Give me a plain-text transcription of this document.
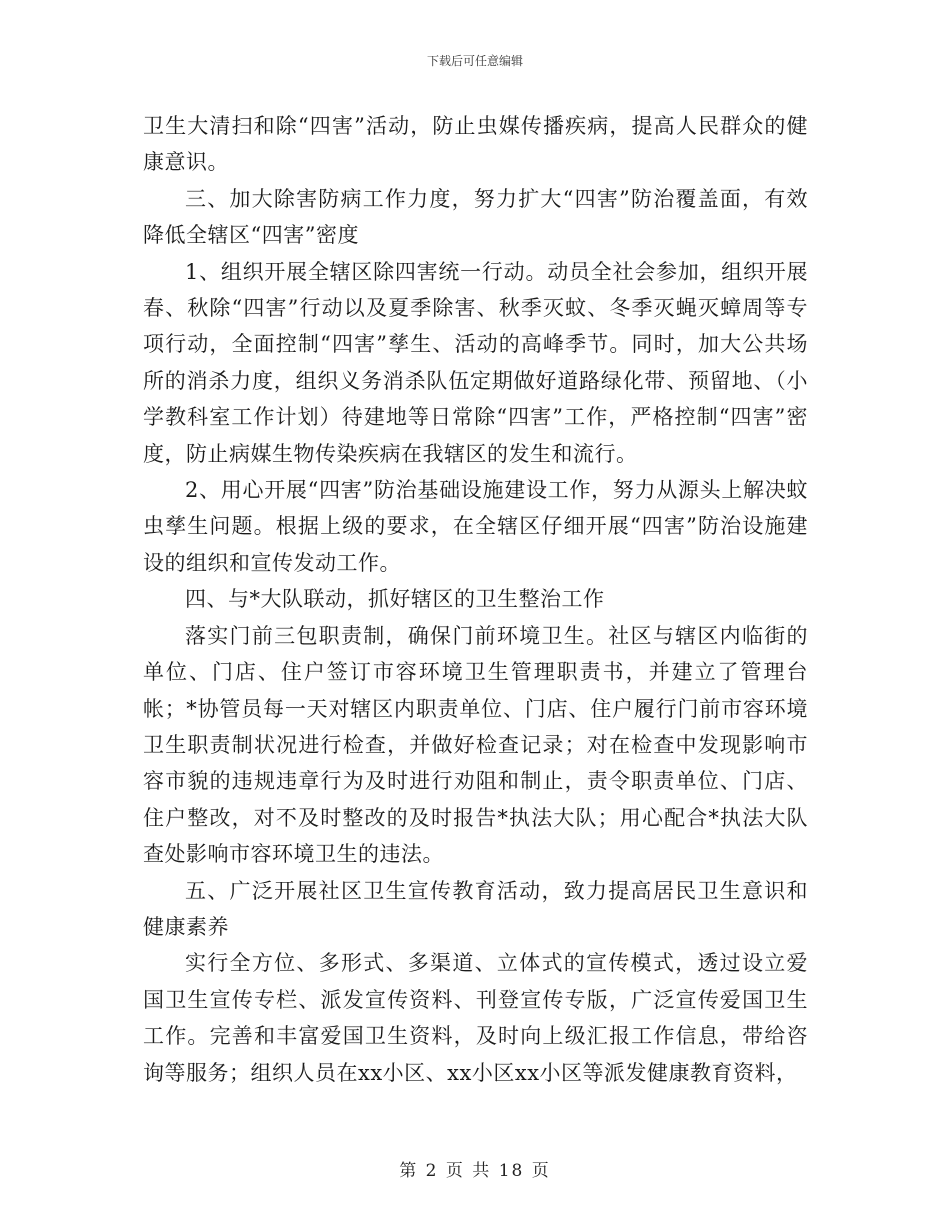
下载后可任意编辑

卫生大清扫和除“四害”活动，防止虫媒传播疾病，提高人民群众的健康意识。

三、加大除害防病工作力度，努力扩大“四害”防治覆盖面，有效降低全辖区“四害”密度

1、组织开展全辖区除四害统一行动。动员全社会参加，组织开展春、秋除“四害”行动以及夏季除害、秋季灭蚊、冬季灭蝇灭蟑周等专项行动，全面控制“四害”孳生、活动的高峰季节。同时，加大公共场所的消杀力度，组织义务消杀队伍定期做好道路绿化带、预留地、（小学教科室工作计划）待建地等日常除“四害”工作，严格控制“四害”密度，防止病媒生物传染疾病在我辖区的发生和流行。

2、用心开展“四害”防治基础设施建设工作，努力从源头上解决蚊虫孳生问题。根据上级的要求，在全辖区仔细开展“四害”防治设施建设的组织和宣传发动工作。

四、与*大队联动，抓好辖区的卫生整治工作

落实门前三包职责制，确保门前环境卫生。社区与辖区内临街的单位、门店、住户签订市容环境卫生管理职责书，并建立了管理台帐；*协管员每一天对辖区内职责单位、门店、住户履行门前市容环境卫生职责制状况进行检查，并做好检查记录；对在检查中发现影响市容市貌的违规违章行为及时进行劝阻和制止，责令职责单位、门店、住户整改，对不及时整改的及时报告*执法大队；用心配合*执法大队查处影响市容环境卫生的违法。

五、广泛开展社区卫生宣传教育活动，致力提高居民卫生意识和健康素养

实行全方位、多形式、多渠道、立体式的宣传模式，透过设立爱国卫生宣传专栏、派发宣传资料、刊登宣传专版，广泛宣传爱国卫生工作。完善和丰富爱国卫生资料，及时向上级汇报工作信息，带给咨询等服务；组织人员在xx小区、xx小区xx小区等派发健康教育资料，

第 2 页 共 18 页
